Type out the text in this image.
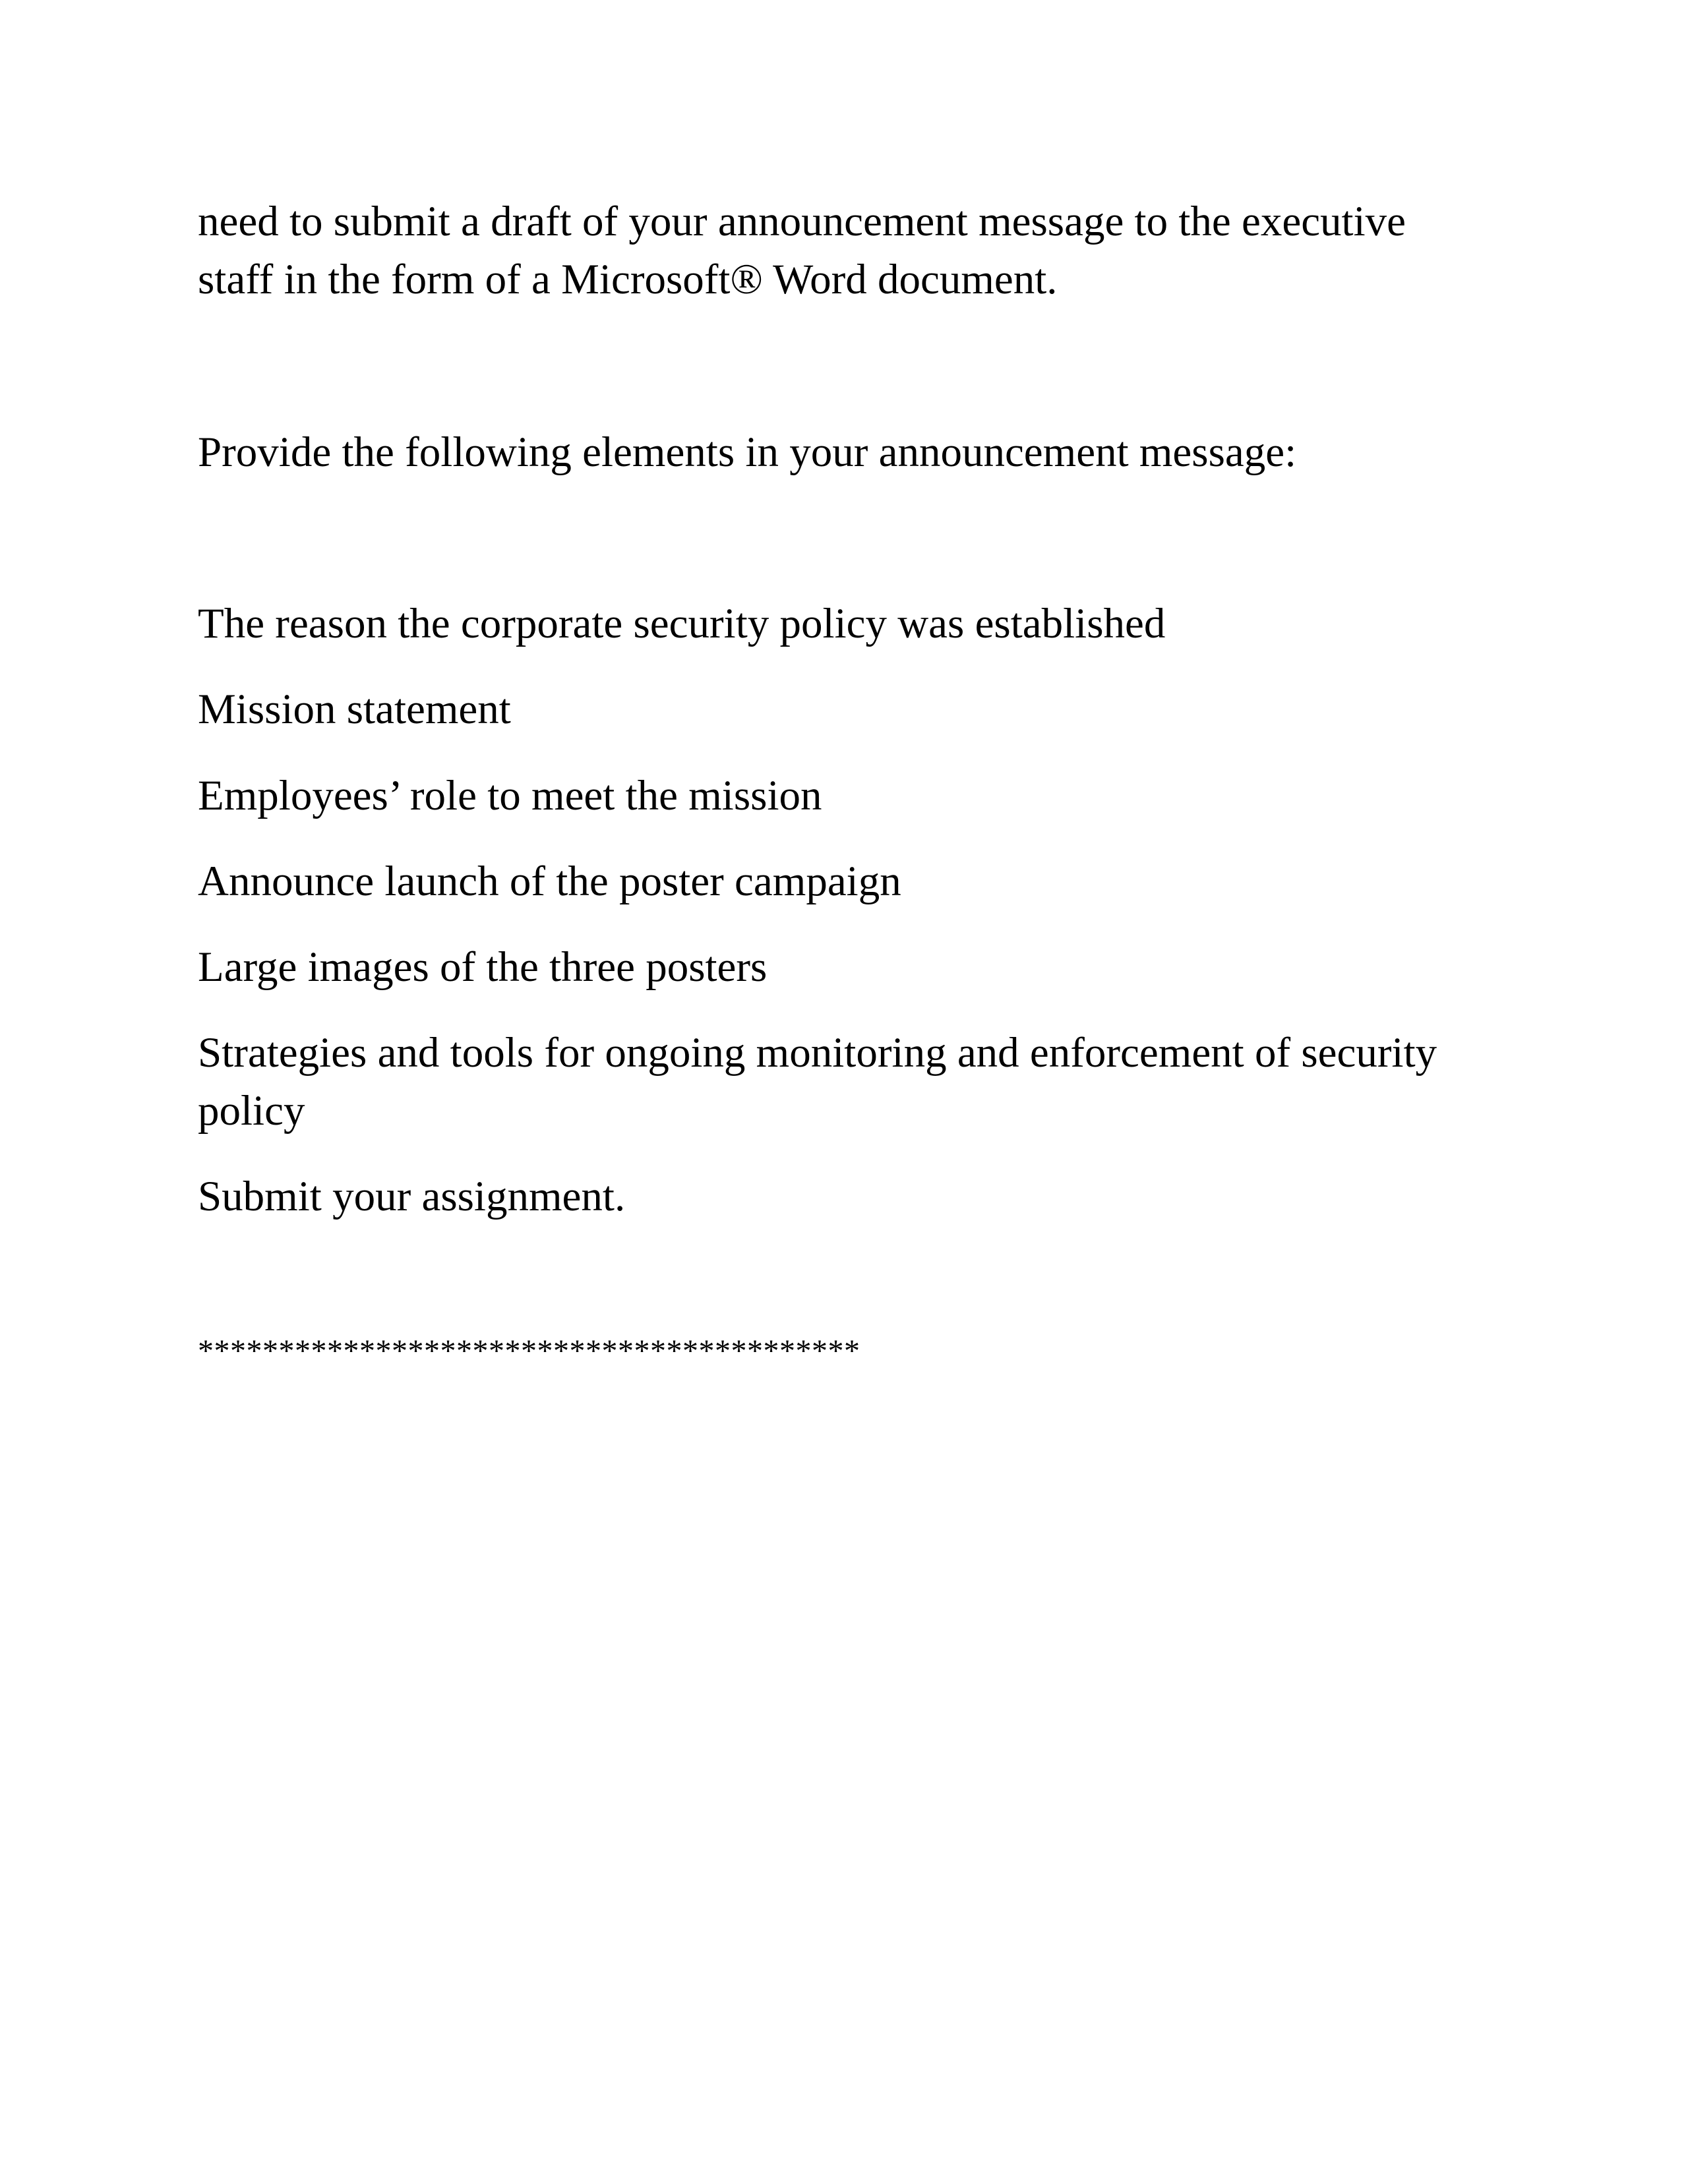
need to submit a draft of your announcement message to the executive

staff in the form of a Microsoft® Word document.

Provide the following elements in your announcement message:

The reason the corporate security policy was established

Mission statement

Employees’ role to meet the mission

Announce launch of the poster campaign

Large images of the three posters

Strategies and tools for ongoing monitoring and enforcement of security

policy

Submit your assignment.

*****************************************
